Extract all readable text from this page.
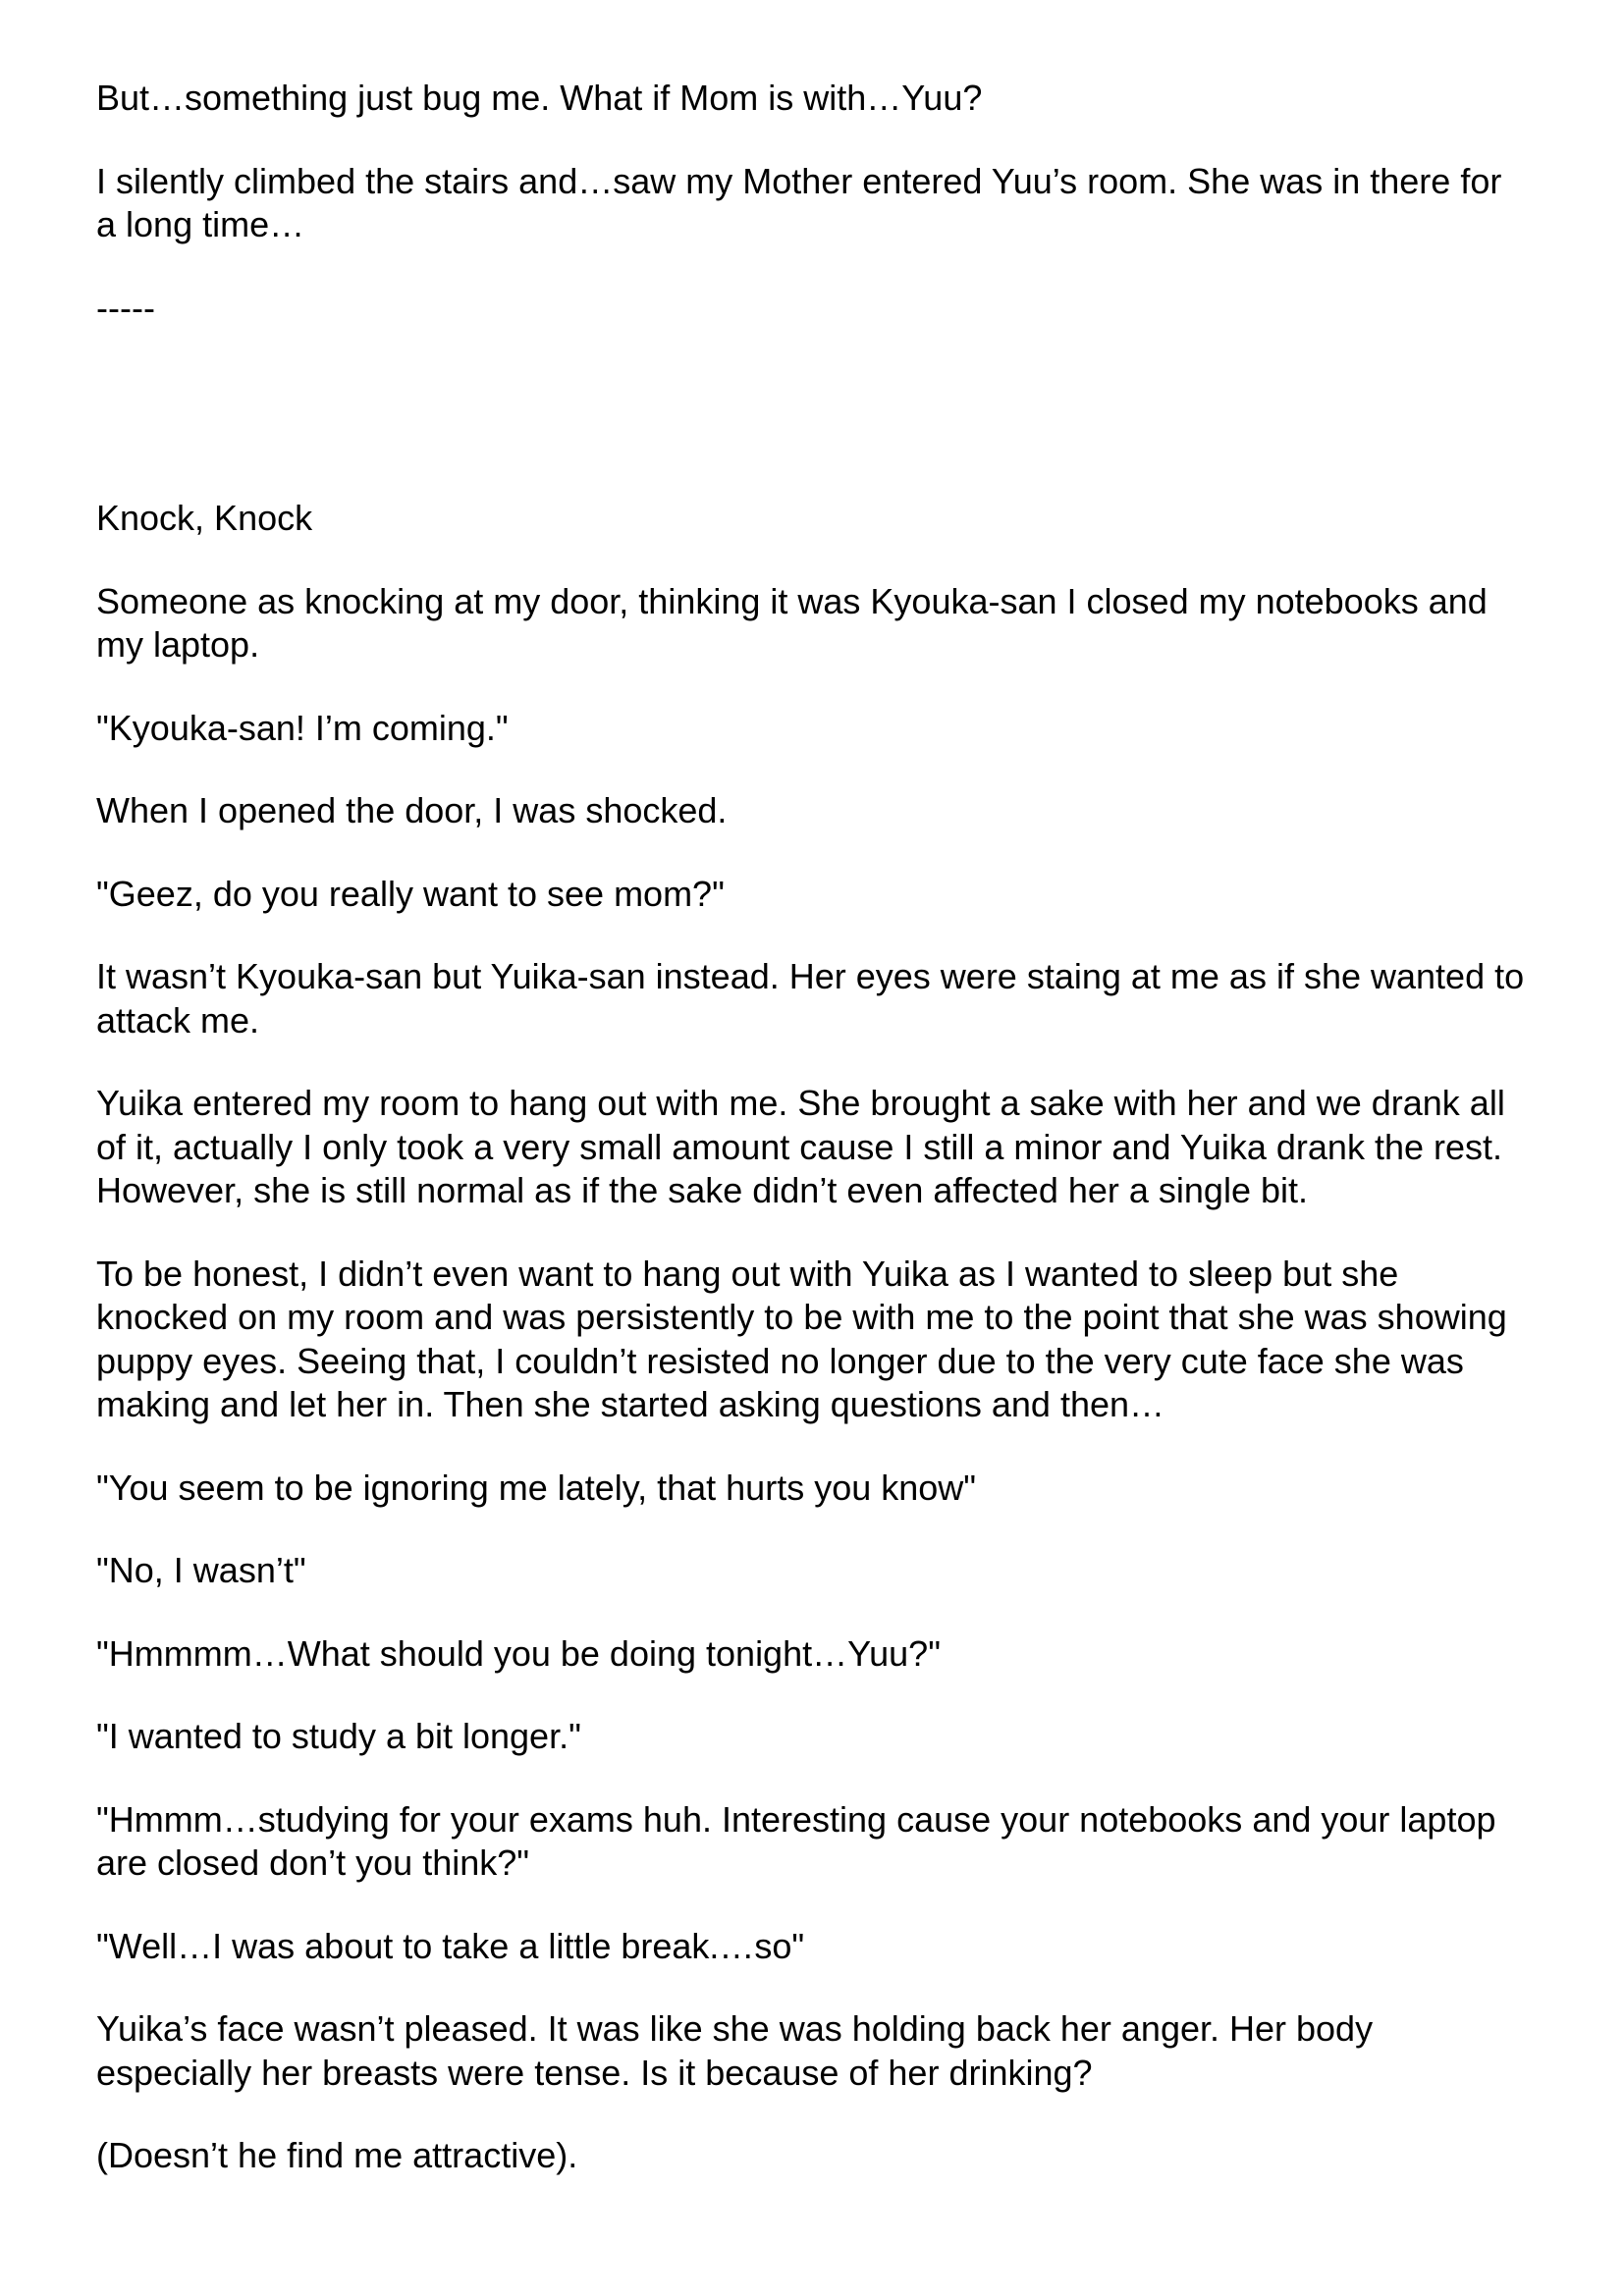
But…something just bug me. What if Mom is with…Yuu?

I silently climbed the stairs and…saw my Mother entered Yuu’s room. She was in there for a long time…

-----

Knock, Knock

Someone as knocking at my door, thinking it was Kyouka-san I closed my notebooks and my laptop.

"Kyouka-san! I’m coming."

When I opened the door, I was shocked.

"Geez, do you really want to see mom?"

It wasn’t Kyouka-san but Yuika-san instead. Her eyes were staing at me as if she wanted to attack me.

Yuika entered my room to hang out with me. She brought a sake with her and we drank all of it, actually I only took a very small amount cause I still a minor and Yuika drank the rest. However, she is still normal as if the sake didn’t even affected her a single bit.

To be honest, I didn’t even want to hang out with Yuika as I wanted to sleep but she knocked on my room and was persistently to be with me to the point that she was showing puppy eyes. Seeing that, I couldn’t resisted no longer due to the very cute face she was making and let her in. Then she started asking questions and then…

"You seem to be ignoring me lately, that hurts you know"

"No, I wasn’t"

"Hmmmm…What should you be doing tonight…Yuu?"

"I wanted to study a bit longer."

"Hmmm…studying for your exams huh. Interesting cause your notebooks and your laptop are closed don’t you think?"

"Well…I was about to take a little break.…so"

Yuika’s face wasn’t pleased. It was like she was holding back her anger. Her body especially her breasts were tense. Is it because of her drinking?

(Doesn’t he find me attractive).
